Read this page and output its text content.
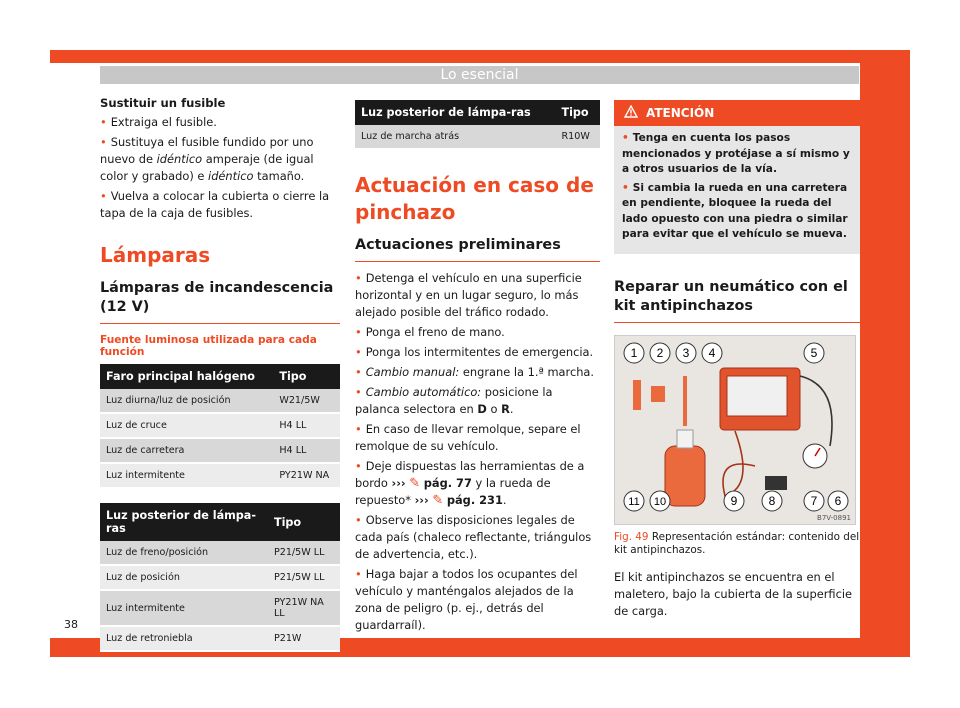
Lo esencial

Sustituir un fusible

• Extraiga el fusible.
• Sustituya el fusible fundido por uno nuevo de idéntico amperaje (de igual color y grabado) e idéntico tamaño.
• Vuelva a colocar la cubierta o cierre la tapa de la caja de fusibles.
Lámparas
Lámparas de incandescencia (12 V)

Fuente luminosa utilizada para cada función

Faro principal halógeno	Tipo
Luz diurna/luz de posición	W21/5W
Luz de cruce	H4 LL
Luz de carretera	H4 LL
Luz intermitente	PY21W NA
Luz posterior de lámpa-ras	Tipo
Luz de freno/posición	P21/5W LL
Luz de posición	P21/5W LL
Luz intermitente	PY21W NA LL
Luz de retroniebla	P21W
Luz posterior de lámpa-ras	Tipo
Luz de marcha atrás	R10W
Actuación en caso de pinchazo
Actuaciones preliminares
• Detenga el vehículo en una superficie horizontal y en un lugar seguro, lo más alejado posible del tráfico rodado.
• Ponga el freno de mano.
• Ponga los intermitentes de emergencia.
• Cambio manual: engrane la 1.ª marcha.
• Cambio automático: posicione la palanca selectora en D o R.
• En caso de llevar remolque, separe el remolque de su vehículo.
• Deje dispuestas las herramientas de a bordo ››› ✎ pág. 77 y la rueda de repuesto* ››› ✎ pág. 231.
• Observe las disposiciones legales de cada país (chaleco reflectante, triángulos de advertencia, etc.).
• Haga bajar a todos los ocupantes del vehículo y manténgalos alejados de la zona de peligro (p. ej., detrás del guardarraíl).
ATENCIÓN
• Tenga en cuenta los pasos mencionados y protéjase a sí mismo y a otros usuarios de la vía.
• Si cambia la rueda en una carretera en pendiente, bloquee la rueda del lado opuesto con una piedra o similar para evitar que el vehículo se mueva.
Reparar un neumático con el kit antipinchazos
1 2 3 4	5
11 10	9	8	7 6
B7V-0891

Fig. 49 Representación estándar: contenido del kit antipinchazos.

El kit antipinchazos se encuentra en el maletero, bajo la cubierta de la superficie de carga.

38
